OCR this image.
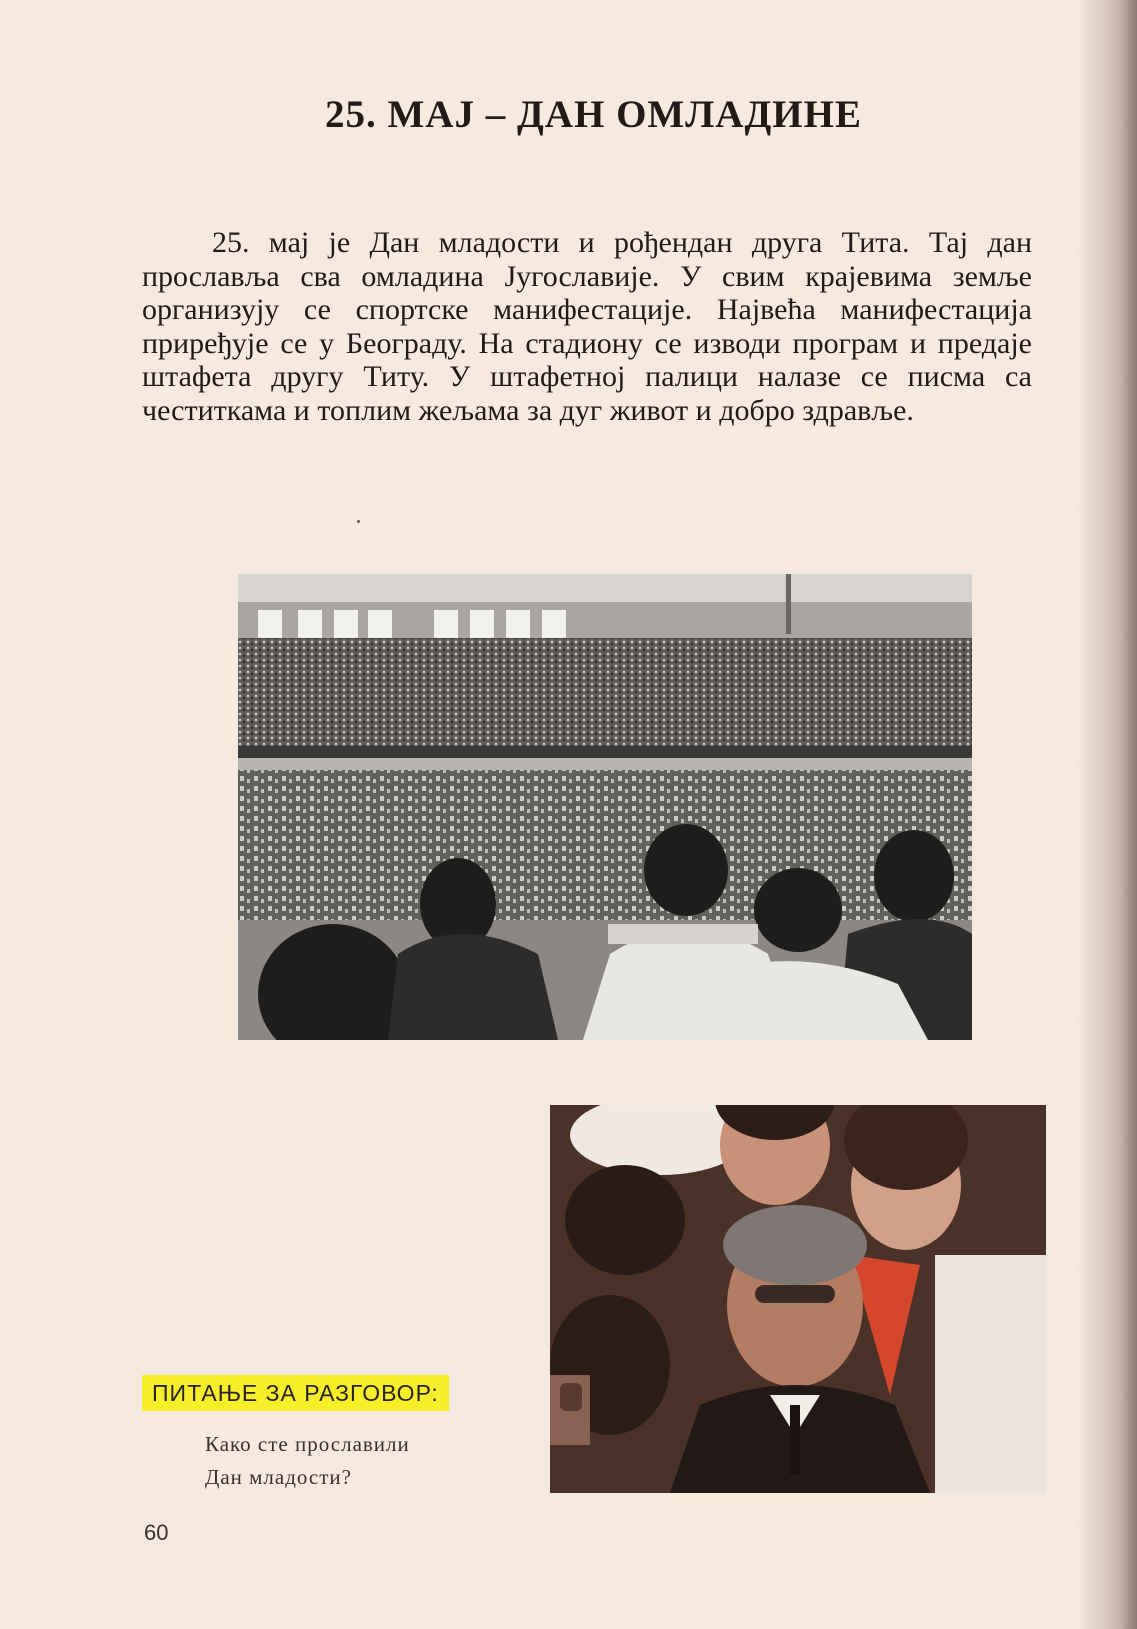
25. МАЈ – ДАН ОМЛАДИНЕ

25. мај је Дан младости и рођендан друга Тита. Тај дан прославља сва омладина Југославије. У свим крајевима земље организују се спортске манифестације. Највећа манифестација приређује се у Београду. На стадиону се изводи програм и предаје штафета другу Титу. У штафетној палици налазе се писма са честиткама и топлим жељама за дуг живот и добро здравље.

ПИТАЊЕ ЗА РАЗГОВОР:
Како сте прославили
Дан младости?
60
